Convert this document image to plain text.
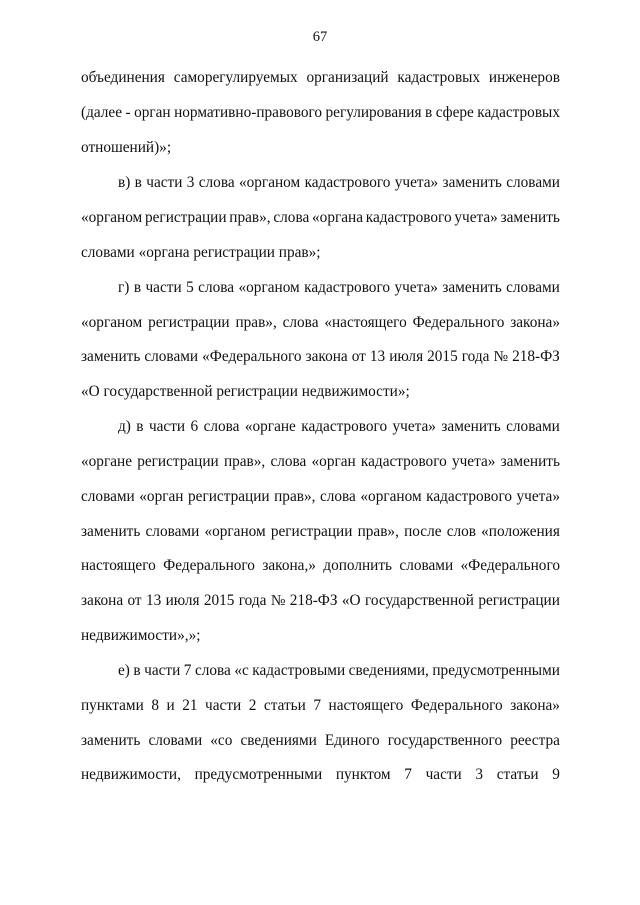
67
объединения саморегулируемых организаций кадастровых инженеров
(далее - орган нормативно-правового регулирования в сфере кадастровых
отношений)»;
в) в части 3 слова «органом кадастрового учета» заменить словами
«органом регистрации прав», слова «органа кадастрового учета» заменить
словами «органа регистрации прав»;
г) в части 5 слова «органом кадастрового учета» заменить словами
«органом регистрации прав», слова «настоящего Федерального закона»
заменить словами «Федерального закона от 13 июля 2015 года № 218-ФЗ
«О государственной регистрации недвижимости»;
д) в части 6 слова «органе кадастрового учета» заменить словами
«органе регистрации прав», слова «орган кадастрового учета» заменить
словами «орган регистрации прав», слова «органом кадастрового учета»
заменить словами «органом регистрации прав», после слов «положения
настоящего Федерального закона,» дополнить словами «Федерального
закона от 13 июля 2015 года № 218-ФЗ «О государственной регистрации
недвижимости»,»;
е) в части 7 слова «с кадастровыми сведениями, предусмотренными
пунктами 8 и 21 части 2 статьи 7 настоящего Федерального закона»
заменить словами «со сведениями Единого государственного реестра
недвижимости, предусмотренными пунктом 7 части 3 статьи 9
